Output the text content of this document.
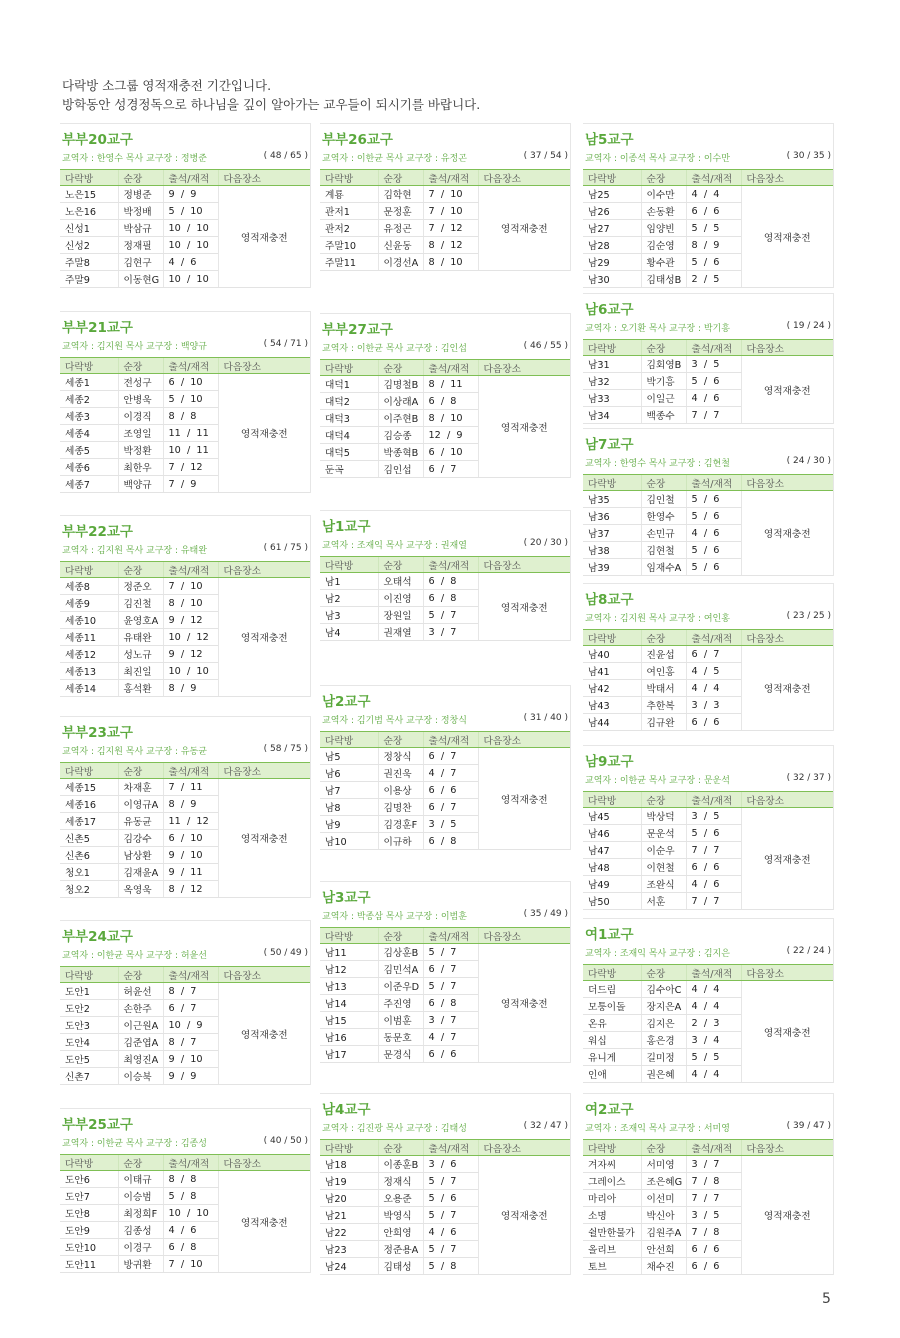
다락방 소그룹 영적재충전 기간입니다.
방학동안 성경정독으로 하나님을 깊이 알아가는 교우들이 되시기를 바랍니다.
부부20교구
교역자 : 한영수 목사 교구장 : 정병준	( 48 / 65 )
다락방	순장	출석/재적	다음장소
노은15	정병준	9  /  9	영적재충전
노은16	박정배	5  /  10	
신성1	박삼규	10  /  10	
신성2	정재필	10  /  10	
주말8	김현구	4  /  6	
주말9	이동현G	10  /  10	
부부21교구
교역자 : 김지원 목사 교구장 : 백양규	( 54 / 71 )
다락방	순장	출석/재적	다음장소
세종1	전성구	6  /  10	영적재충전
세종2	안병욱	5  /  10	
세종3	이경직	8  /  8	
세종4	조영일	11  /  11	
세종5	박정환	10  /  11	
세종6	최한우	7  /  12	
세종7	백양규	7  /  9	
부부22교구
교역자 : 김지원 목사 교구장 : 유태완	( 61 / 75 )
다락방	순장	출석/재적	다음장소
세종8	정준오	7  /  10	영적재충전
세종9	김진철	8  /  10	
세종10	윤영호A	9  /  12	
세종11	유태완	10  /  12	
세종12	성노규	9  /  12	
세종13	최진일	10  /  10	
세종14	홍석환	8  /  9	
부부23교구
교역자 : 김지원 목사 교구장 : 유동균	( 58 / 75 )
다락방	순장	출석/재적	다음장소
세종15	차재훈	7  /  11	영적재충전
세종16	이영규A	8  /  9	
세종17	유동균	11  /  12	
신촌5	김강수	6  /  10	
신촌6	남상환	9  /  10	
청오1	김재윤A	9  /  11	
청오2	옥영욱	8  /  12	
부부24교구
교역자 : 이한균 목사 교구장 : 허윤선	( 50 / 49 )
다락방	순장	출석/재적	다음장소
도안1	허윤선	8  /  7	영적재충전
도안2	손한주	6  /  7	
도안3	이근원A	10  /  9	
도안4	김준엽A	8  /  7	
도안5	최영진A	9  /  10	
신촌7	이승북	9  /  9	
부부25교구
교역자 : 이한균 목사 교구장 : 김종성	( 40 / 50 )
다락방	순장	출석/재적	다음장소
도안6	이태규	8  /  8	영적재충전
도안7	이승범	5  /  8	
도안8	최정희F	10  /  10	
도안9	김종성	4  /  6	
도안10	이경구	6  /  8	
도안11	방귀환	7  /  10	
부부26교구
교역자 : 이한균 목사 교구장 : 유정곤	( 37 / 54 )
다락방	순장	출석/재적	다음장소
계룡	김학현	7  /  10	영적재충전
관저1	문정훈	7  /  10	
관저2	유정곤	7  /  12	
주말10	신윤동	8  /  12	
주말11	이경선A	8  /  10	
부부27교구
교역자 : 이한균 목사 교구장 : 김인섭	( 46 / 55 )
다락방	순장	출석/재적	다음장소
대덕1	김명철B	8  /  11	영적재충전
대덕2	이상래A	6  /  8	
대덕3	이주현B	8  /  10	
대덕4	김승종	12  /  9	
대덕5	박종혁B	6  /  10	
둔곡	김인섭	6  /  7	
남1교구
교역자 : 조재익 목사 교구장 : 권재열	( 20 / 30 )
다락방	순장	출석/재적	다음장소
남1	오태석	6  /  8	영적재충전
남2	이진영	6  /  8	
남3	장원일	5  /  7	
남4	권재열	3  /  7	
남2교구
교역자 : 김기범 목사 교구장 : 정창식	( 31 / 40 )
다락방	순장	출석/재적	다음장소
남5	정창식	6  /  7	영적재충전
남6	권진욱	4  /  7	
남7	이용상	6  /  6	
남8	김명찬	6  /  7	
남9	김경훈F	3  /  5	
남10	이규하	6  /  8	
남3교구
교역자 : 박종삼 목사 교구장 : 이범훈	( 35 / 49 )
다락방	순장	출석/재적	다음장소
남11	김상훈B	5  /  7	영적재충전
남12	김민석A	6  /  7	
남13	이준우D	5  /  7	
남14	주진영	6  /  8	
남15	이범훈	3  /  7	
남16	동문호	4  /  7	
남17	문경식	6  /  6	
남4교구
교역자 : 김진광 목사 교구장 : 김태성	( 32 / 47 )
다락방	순장	출석/재적	다음장소
남18	이종훈B	3  /  6	영적재충전
남19	정재식	5  /  7	
남20	오용준	5  /  6	
남21	박영식	5  /  7	
남22	안희영	4  /  6	
남23	정준용A	5  /  7	
남24	김태성	5  /  8	
남5교구
교역자 : 이종석 목사 교구장 : 이수만	( 30 / 35 )
다락방	순장	출석/재적	다음장소
남25	이수만	4  /  4	영적재충전
남26	손동환	6  /  6	
남27	임양빈	5  /  5	
남28	김순영	8  /  9	
남29	황수관	5  /  6	
남30	김태성B	2  /  5	
남6교구
교역자 : 오기환 목사 교구장 : 박기흥	( 19 / 24 )
다락방	순장	출석/재적	다음장소
남31	김회영B	3  /  5	영적재충전
남32	박기흥	5  /  6	
남33	이일근	4  /  6	
남34	백종수	7  /  7	
남7교구
교역자 : 한영수 목사 교구장 : 김현철	( 24 / 30 )
다락방	순장	출석/재적	다음장소
남35	김인철	5  /  6	영적재충전
남36	한영수	5  /  6	
남37	손민규	4  /  6	
남38	김현철	5  /  6	
남39	임재수A	5  /  6	
남8교구
교역자 : 김지원 목사 교구장 : 여인홍	( 23 / 25 )
다락방	순장	출석/재적	다음장소
남40	진윤섭	6  /  7	영적재충전
남41	여인홍	4  /  5	
남42	박태서	4  /  4	
남43	추한복	3  /  3	
남44	김규완	6  /  6	
남9교구
교역자 : 이한균 목사 교구장 : 문운석	( 32 / 37 )
다락방	순장	출석/재적	다음장소
남45	박상덕	3  /  5	영적재충전
남46	문운석	5  /  6	
남47	이순우	7  /  7	
남48	이현철	6  /  6	
남49	조완식	4  /  6	
남50	서훈	7  /  7	
여1교구
교역자 : 조재익 목사 교구장 : 김지은	( 22 / 24 )
다락방	순장	출석/재적	다음장소
더드림	김수아C	4  /  4	영적재충전
모퉁이돌	장지은A	4  /  4	
온유	김지은	2  /  3	
워십	홍은경	3  /  4	
유니게	길미정	5  /  5	
인애	권은혜	4  /  4	
여2교구
교역자 : 조재익 목사 교구장 : 서미영	( 39 / 47 )
다락방	순장	출석/재적	다음장소
겨자씨	서미영	3  /  7	영적재충전
그레이스	조은혜G	7  /  8	
마리아	이선미	7  /  7	
소명	박신아	3  /  5	
쉴만한물가	김원주A	7  /  8	
올리브	안선희	6  /  6	
토브	채수진	6  /  6	
5
